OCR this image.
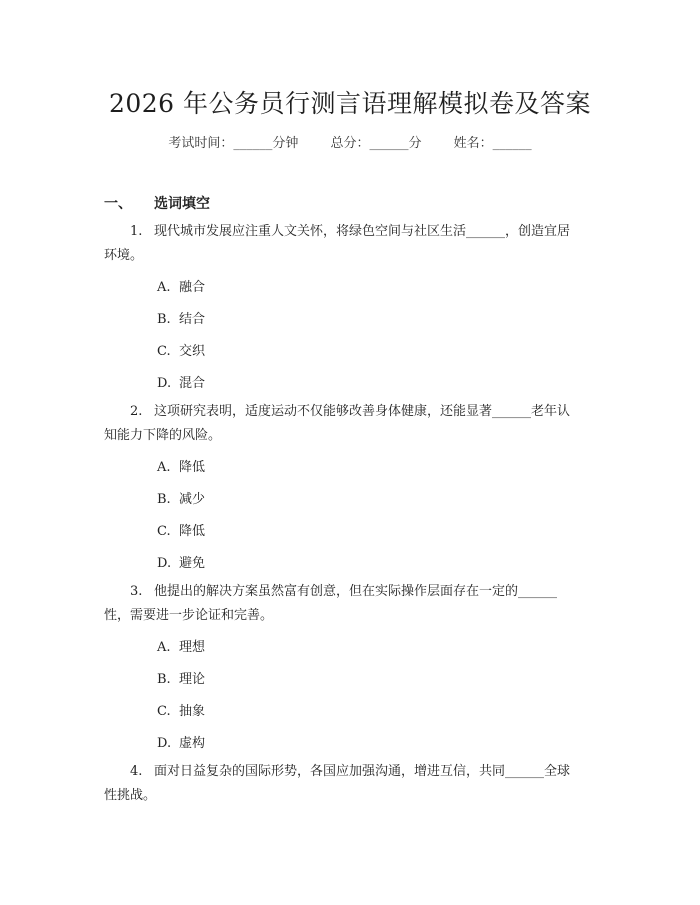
2026 年公务员行测言语理解模拟卷及答案
考试时间：______分钟 总分：______分 姓名：______
一、 选词填空
1. 现代城市发展应注重人文关怀，将绿色空间与社区生活______，创造宜居
环境。
A. 融合
B. 结合
C. 交织
D. 混合
2. 这项研究表明，适度运动不仅能够改善身体健康，还能显著______老年认
知能力下降的风险。
A. 降低
B. 减少
C. 降低
D. 避免
3. 他提出的解决方案虽然富有创意，但在实际操作层面存在一定的______
性，需要进一步论证和完善。
A. 理想
B. 理论
C. 抽象
D. 虚构
4. 面对日益复杂的国际形势，各国应加强沟通，增进互信，共同______全球
性挑战。
